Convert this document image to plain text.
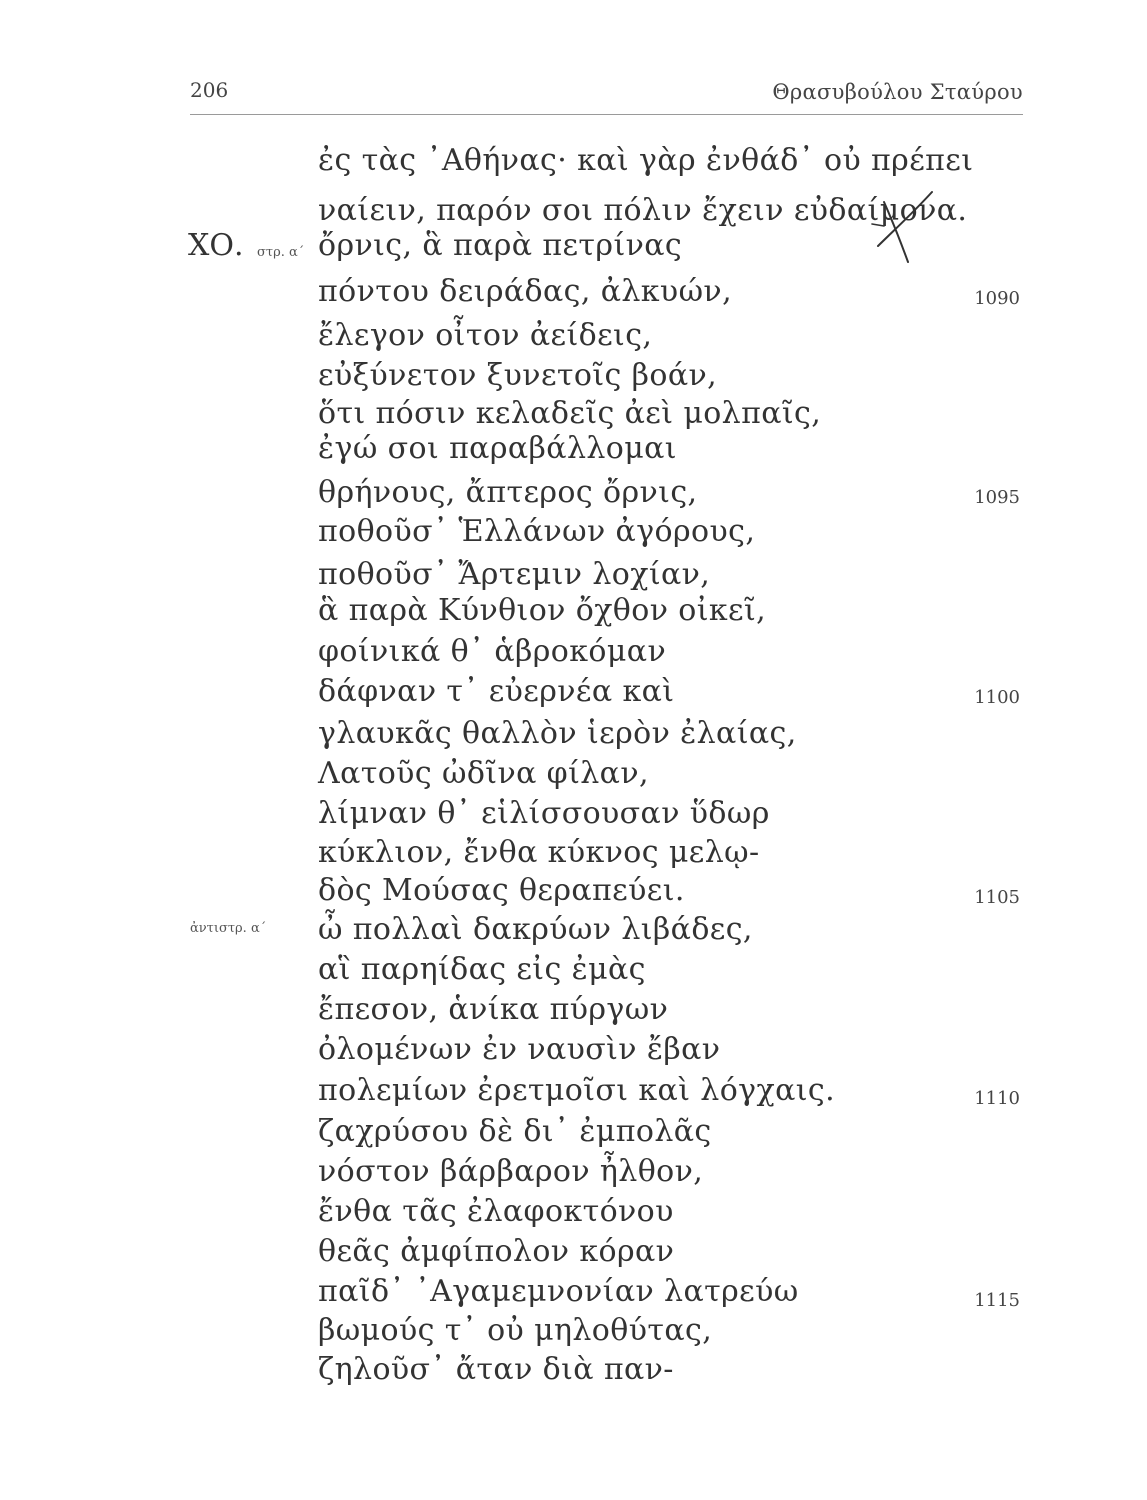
206	Θρασυβούλου Σταύρου
ΧΟ. στρ. α΄
ἀντιστρ. α΄
ἐς τὰς ᾿Αθήνας· καὶ γὰρ ἐνθάδ᾿ οὐ πρέπει
ναίειν, παρόν σοι πόλιν ἔχειν εὐδαίμονα.
ὄρνις, ἃ παρὰ πετρίνας
πόντου δειράδας, ἀλκυών,
ἔλεγον οἶτον ἀείδεις,
εὐξύνετον ξυνετοῖς βοάν,
ὅτι πόσιν κελαδεῖς ἀεὶ μολπαῖς,
ἐγώ σοι παραβάλλομαι
θρήνους, ἄπτερος ὄρνις,
ποθοῦσ᾿ Ἑλλάνων ἀγόρους,
ποθοῦσ᾿ Ἄρτεμιν λοχίαν,
ἃ παρὰ Κύνθιον ὄχθον οἰκεῖ,
φοίνικά θ᾿ ἁβροκόμαν
δάφναν τ᾿ εὐερνέα καὶ
γλαυκᾶς θαλλὸν ἱερὸν ἐλαίας,
Λατοῦς ὠδῖνα φίλαν,
λίμναν θ᾿ εἱλίσσουσαν ὕδωρ
κύκλιον, ἔνθα κύκνος μελῳ-
δὸς Μούσας θεραπεύει.
ὦ πολλαὶ δακρύων λιβάδες,
αἳ παρηίδας εἰς ἐμὰς
ἔπεσον, ἁνίκα πύργων
ὀλομένων ἐν ναυσὶν ἔβαν
πολεμίων ἐρετμοῖσι καὶ λόγχαις.
ζαχρύσου δὲ δι᾿ ἐμπολᾶς
νόστον βάρβαρον ἦλθον,
ἔνθα τᾶς ἐλαφοκτόνου
θεᾶς ἀμφίπολον κόραν
παῖδ᾿ ᾿Αγαμεμνονίαν λατρεύω
βωμούς τ᾿ οὐ μηλοθύτας,
ζηλοῦσ᾿ ἄταν διὰ παν-
1090
1095
1100
1105
1110
1115
